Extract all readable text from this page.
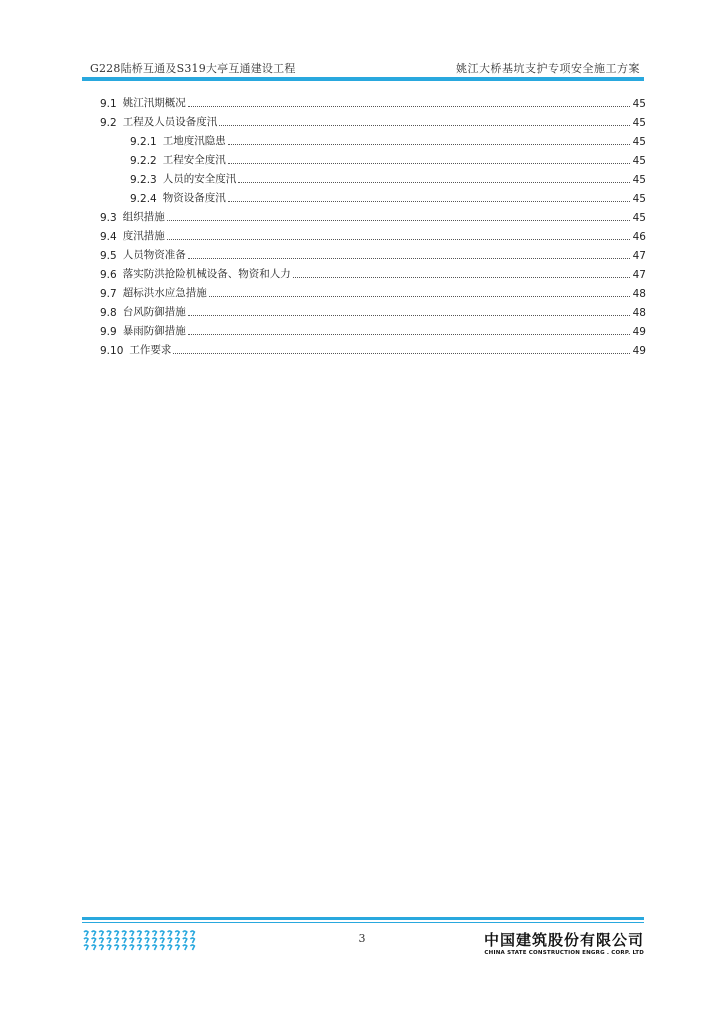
G228陆桥互通及S319大亭互通建设工程	姚江大桥基坑支护专项安全施工方案
9.1 姚江汛期概况	45
9.2 工程及人员设备度汛	45
9.2.1 工地度汛隐患	45
9.2.2 工程安全度汛	45
9.2.3 人员的安全度汛	45
9.2.4 物资设备度汛	45
9.3 组织措施	45
9.4 度汛措施	46
9.5 人员物资准备	47
9.6 落实防洪抢险机械设备、物资和人力	47
9.7 超标洪水应急措施	48
9.8 台风防御措施	48
9.9 暴雨防御措施	49
9.10 工作要求	49
3	中国建筑股份有限公司
CHINA STATE CONSTRUCTION ENGRG . CORP. LTD
